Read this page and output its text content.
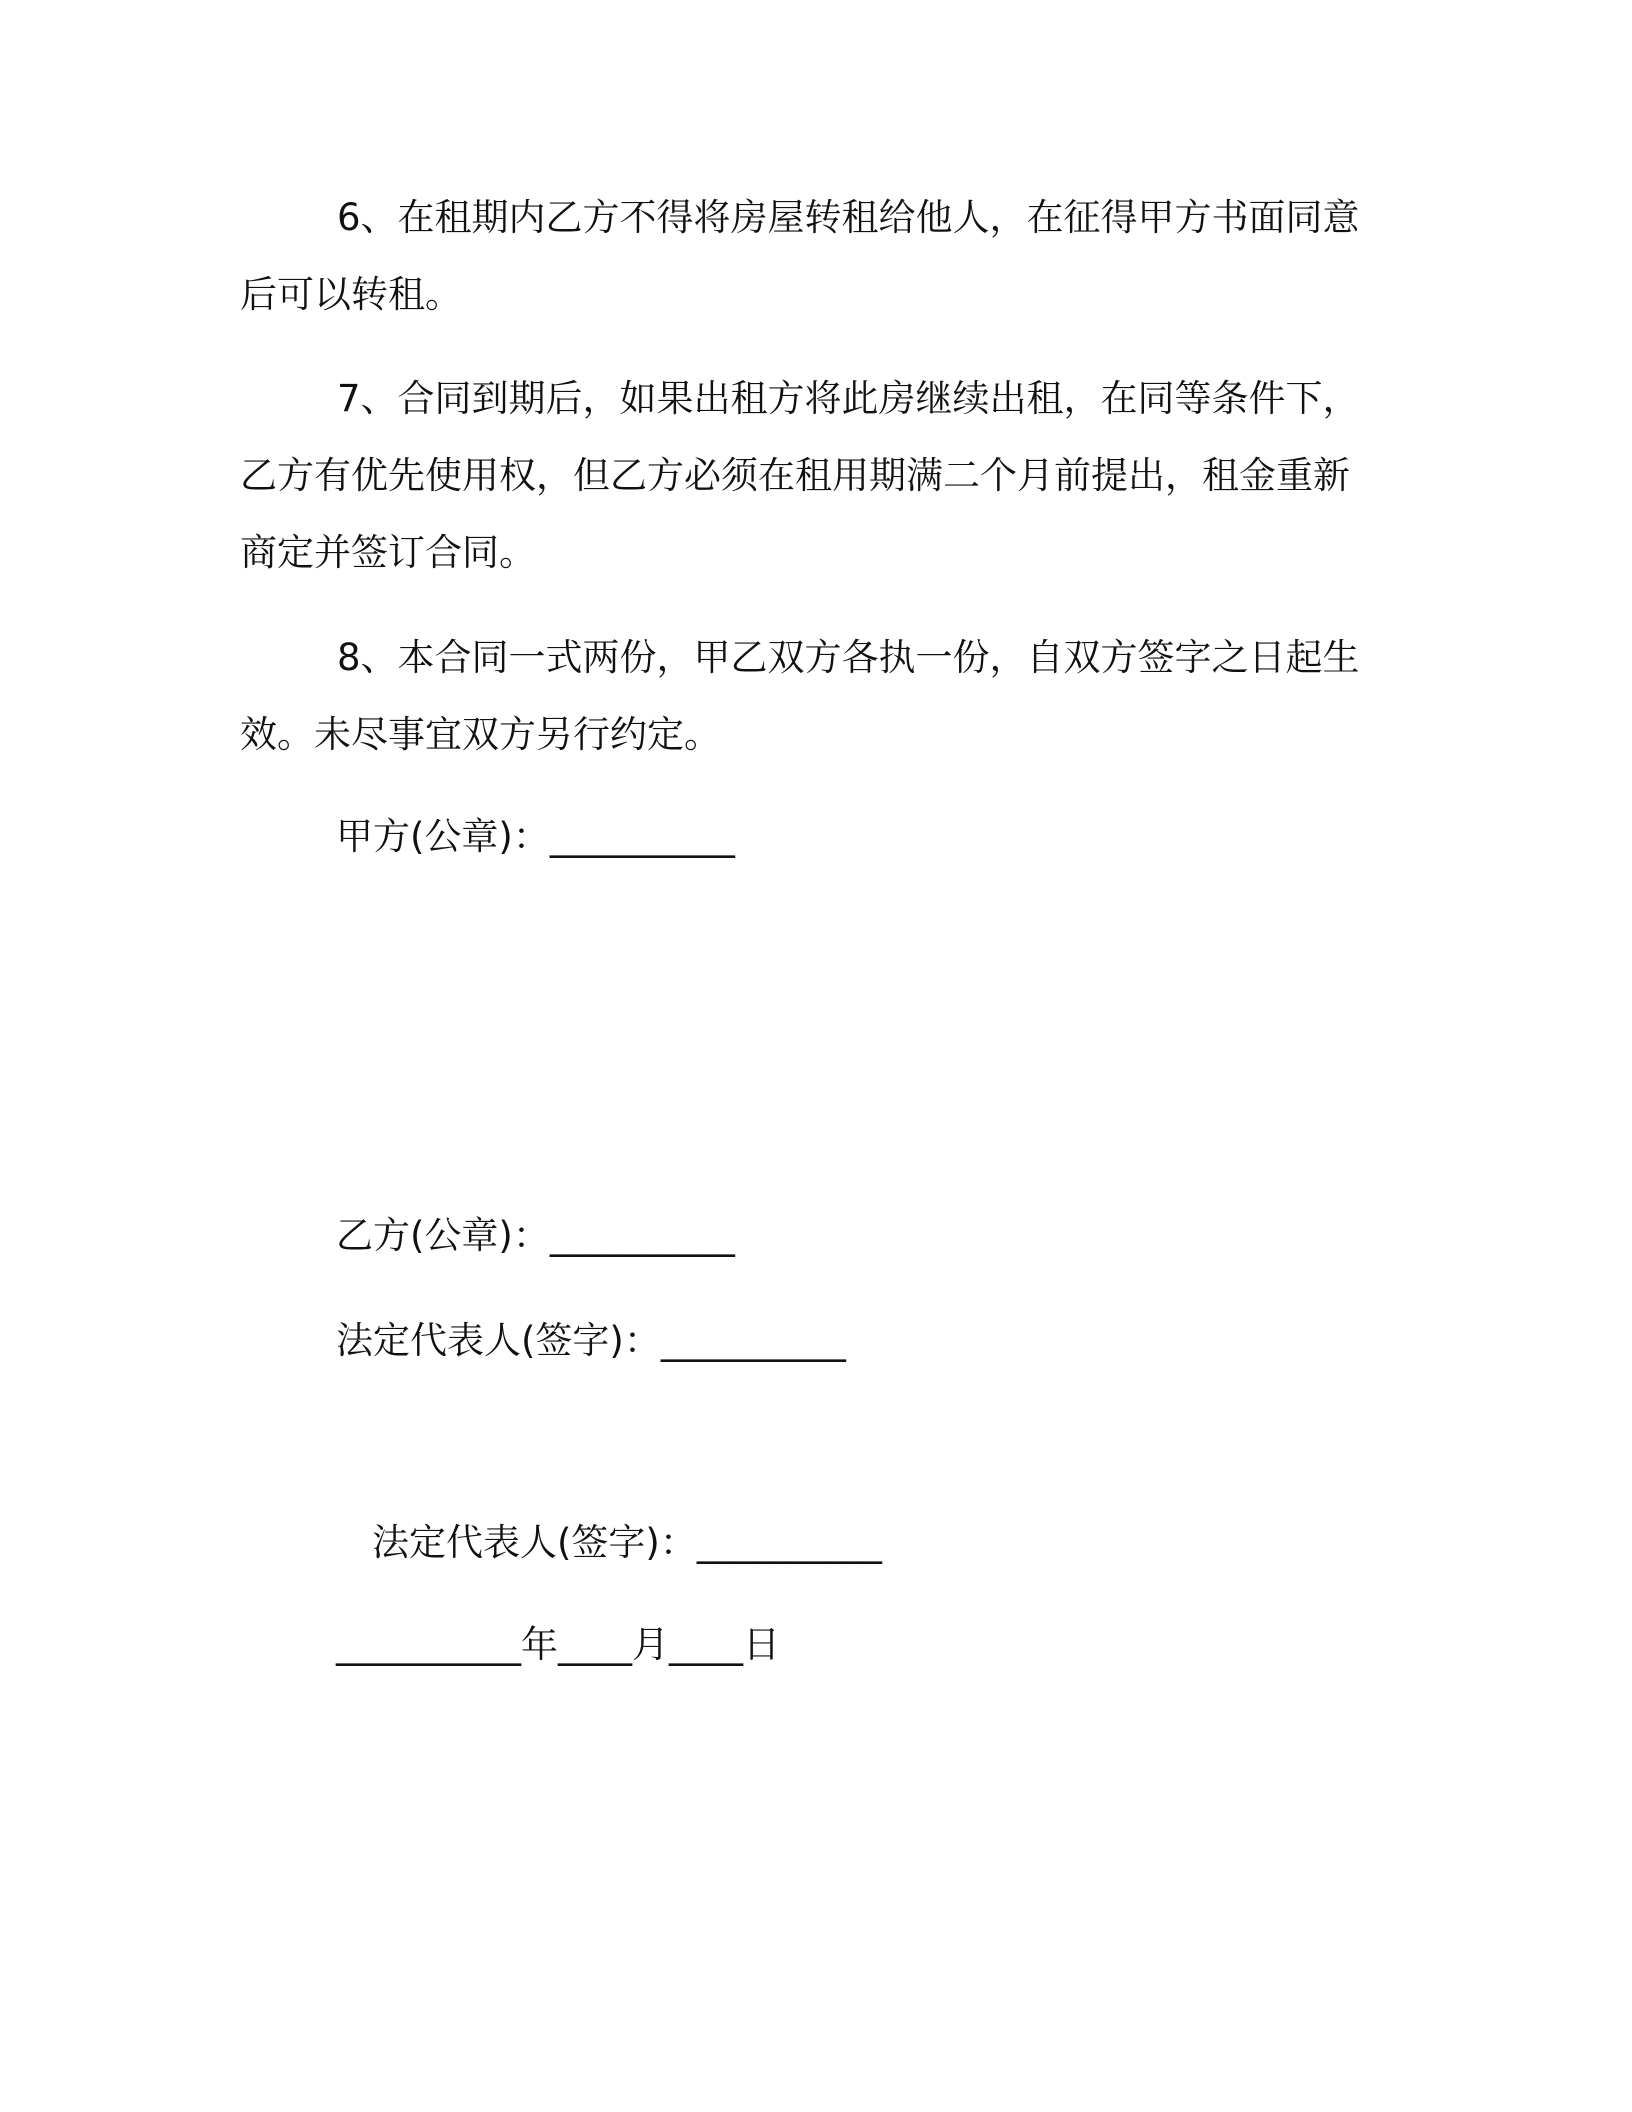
6、在租期内乙方不得将房屋转租给他人，在征得甲方书面同意后可以转租。

7、合同到期后，如果出租方将此房继续出租，在同等条件下，乙方有优先使用权，但乙方必须在租用期满二个月前提出，租金重新商定并签订合同。

8、本合同一式两份，甲乙双方各执一份，自双方签字之日起生效。未尽事宜双方另行约定。

甲方(公章)：__________

乙方(公章)：__________

法定代表人(签字)：__________

法定代表人(签字)：__________

__________年____月____日
